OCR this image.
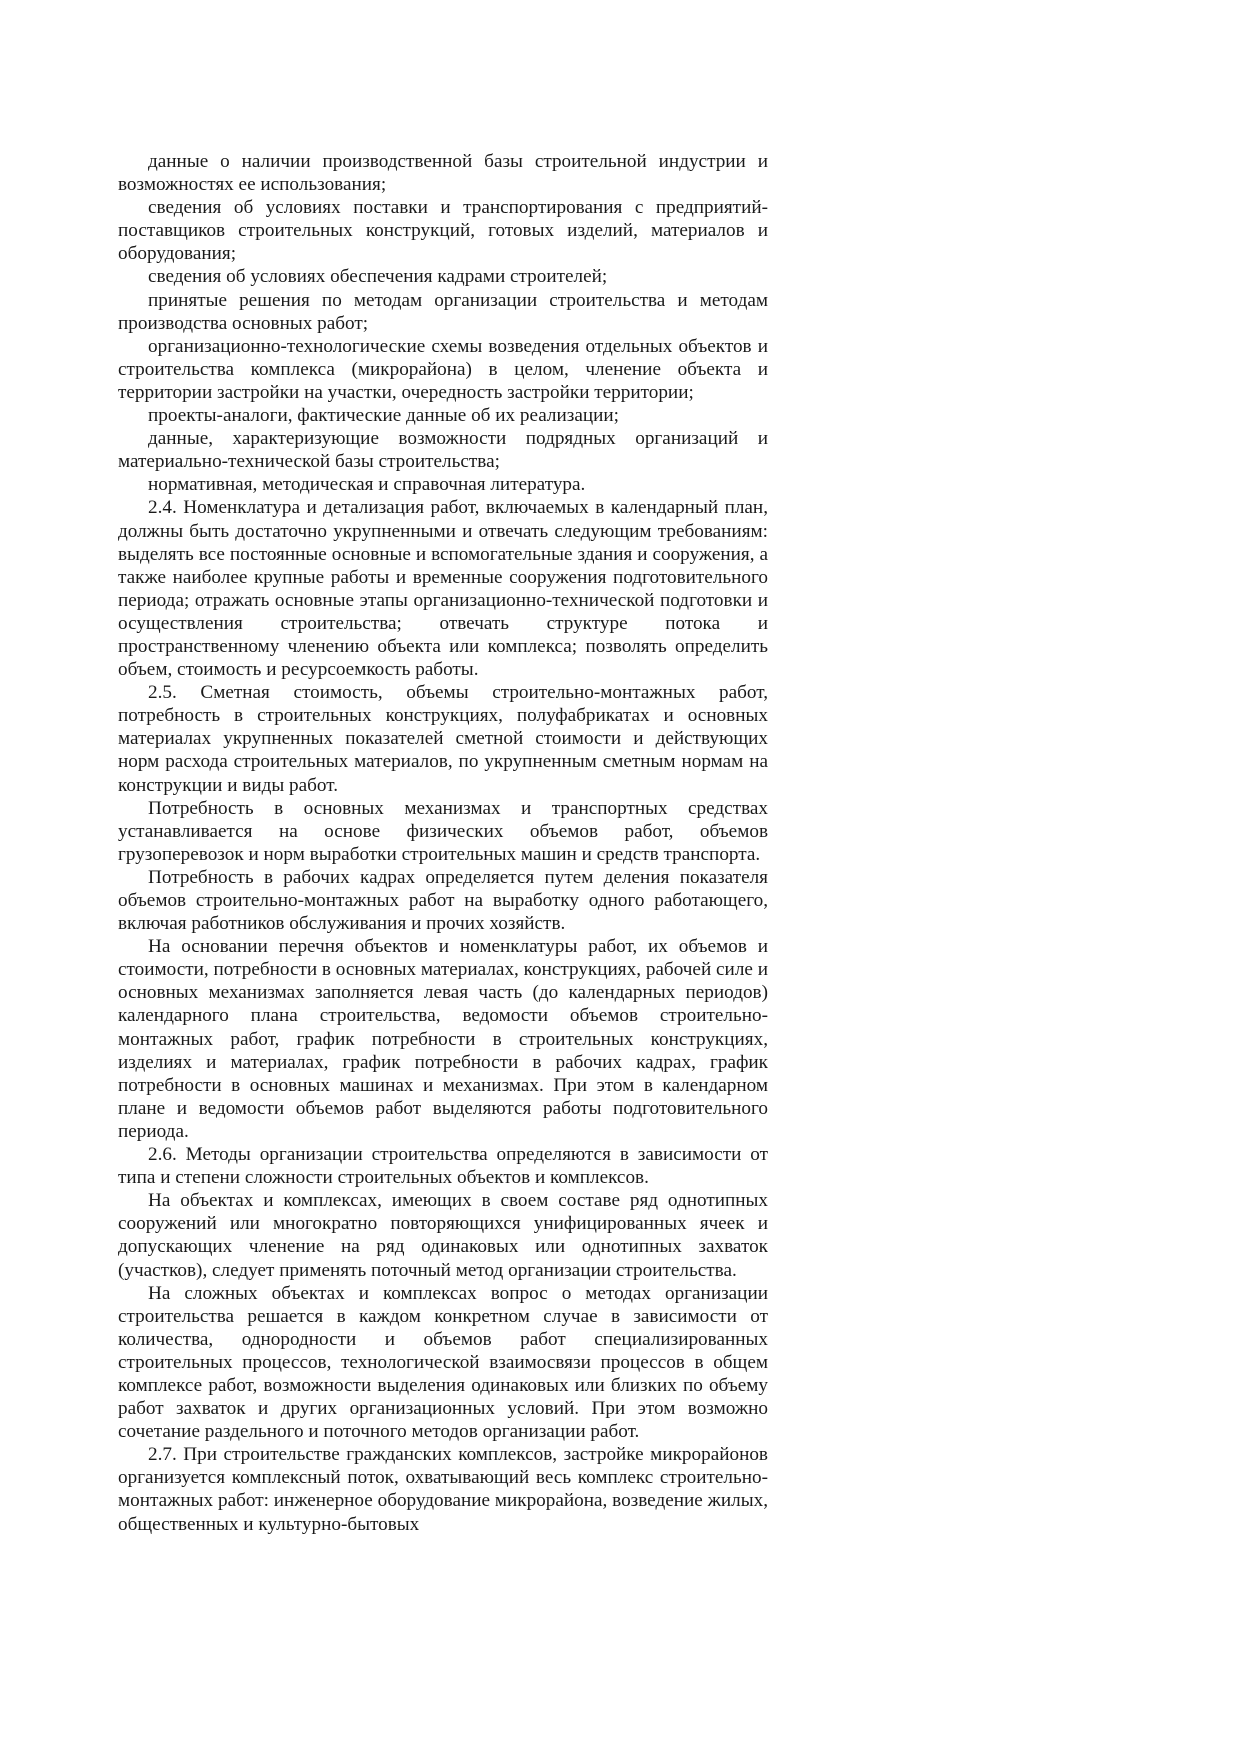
данные о наличии производственной базы строительной индустрии и возможностях ее использования;

сведения об условиях поставки и транспортирования с предприятий-поставщиков строительных конструкций, готовых изделий, материалов и оборудования;

сведения об условиях обеспечения кадрами строителей;

принятые решения по методам организации строительства и методам производства основных работ;

организационно-технологические схемы возведения отдельных объектов и строительства комплекса (микрорайона) в целом, членение объекта и территории застройки на участки, очередность застройки территории;

проекты-аналоги, фактические данные об их реализации;

данные, характеризующие возможности подрядных организаций и материально-технической базы строительства;

нормативная, методическая и справочная литература.

2.4. Номенклатура и детализация работ, включаемых в календарный план, должны быть достаточно укрупненными и отвечать следующим требованиям: выделять все постоянные основные и вспомогательные здания и сооружения, а также наиболее крупные работы и временные сооружения подготовительного периода; отражать основные этапы организационно-технической подготовки и осуществления строительства; отвечать структуре потока и пространственному членению объекта или комплекса; позволять определить объем, стоимость и ресурсоемкость работы.

2.5. Сметная стоимость, объемы строительно-монтажных работ, потребность в строительных конструкциях, полуфабрикатах и основных материалах укрупненных показателей сметной стоимости и действующих норм расхода строительных материалов, по укрупненным сметным нормам на конструкции и виды работ.

Потребность в основных механизмах и транспортных средствах устанавливается на основе физических объемов работ, объемов грузоперевозок и норм выработки строительных машин и средств транспорта.

Потребность в рабочих кадрах определяется путем деления показателя объемов строительно-монтажных работ на выработку одного работающего, включая работников обслуживания и прочих хозяйств.

На основании перечня объектов и номенклатуры работ, их объемов и стоимости, потребности в основных материалах, конструкциях, рабочей силе и основных механизмах заполняется левая часть (до календарных периодов) календарного плана строительства, ведомости объемов строительно-монтажных работ, график потребности в строительных конструкциях, изделиях и материалах, график потребности в рабочих кадрах, график потребности в основных машинах и механизмах. При этом в календарном плане и ведомости объемов работ выделяются работы подготовительного периода.

2.6. Методы организации строительства определяются в зависимости от типа и степени сложности строительных объектов и комплексов.

На объектах и комплексах, имеющих в своем составе ряд однотипных сооружений или многократно повторяющихся унифицированных ячеек и допускающих членение на ряд одинаковых или однотипных захваток (участков), следует применять поточный метод организации строительства.

На сложных объектах и комплексах вопрос о методах организации строительства решается в каждом конкретном случае в зависимости от количества, однородности и объемов работ специализированных строительных процессов, технологической взаимосвязи процессов в общем комплексе работ, возможности выделения одинаковых или близких по объему работ захваток и других организационных условий. При этом возможно сочетание раздельного и поточного методов организации работ.

2.7. При строительстве гражданских комплексов, застройке микрорайонов организуется комплексный поток, охватывающий весь комплекс строительно-монтажных работ: инженерное оборудование микрорайона, возведение жилых, общественных и культурно-бытовых
